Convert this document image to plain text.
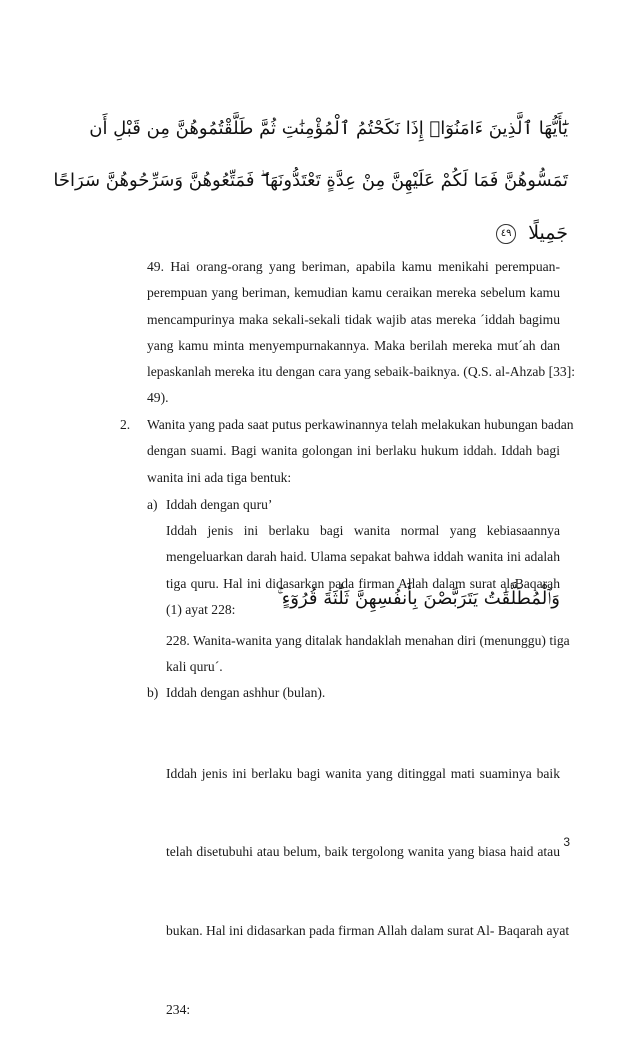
يَٰٓأَيُّهَا ٱلَّذِينَ ءَامَنُوٓا۟ إِذَا نَكَحْتُمُ ٱلْمُؤْمِنَٰتِ ثُمَّ طَلَّقْتُمُوهُنَّ مِن قَبْلِ أَن
تَمَسُّوهُنَّ فَمَا لَكُمْ عَلَيْهِنَّ مِنْ عِدَّةٍ تَعْتَدُّونَهَا ۖ فَمَتِّعُوهُنَّ وَسَرِّحُوهُنَّ سَرَاحًا
جَمِيلًا ٤٩
49. Hai orang-orang yang beriman, apabila kamu menikahi perempuan-
perempuan yang beriman, kemudian kamu ceraikan mereka sebelum kamu
mencampurinya maka sekali-sekali tidak wajib atas mereka ´iddah bagimu
yang kamu minta menyempurnakannya. Maka berilah mereka mut´ah dan
lepaskanlah mereka itu dengan cara yang sebaik-baiknya. (Q.S. al-Ahzab [33]:
49).
2. Wanita yang pada saat putus perkawinannya telah melakukan hubungan badan
dengan suami. Bagi wanita golongan ini berlaku hukum iddah. Iddah bagi
wanita ini ada tiga bentuk:
a) Iddah dengan quru’
Iddah jenis ini berlaku bagi wanita normal yang kebiasaannya
mengeluarkan darah haid. Ulama sepakat bahwa iddah wanita ini adalah
tiga quru. Hal ini didasarkan pada firman Allah dalam surat al-Baqarah
(1) ayat 228:
وَٱلْمُطَلَّقَٰتُ يَتَرَبَّصْنَ بِأَنفُسِهِنَّ ثَلَٰثَةَ قُرُوٓءٍ ۚ
228. Wanita-wanita yang ditalak handaklah menahan diri (menunggu) tiga
kali quru´.
b) Iddah dengan ashhur (bulan).

Iddah jenis ini berlaku bagi wanita yang ditinggal mati suaminya baik

telah disetubuhi atau belum, baik tergolong wanita yang biasa haid atau

bukan. Hal ini didasarkan pada firman Allah dalam surat Al- Baqarah ayat

234:

3
